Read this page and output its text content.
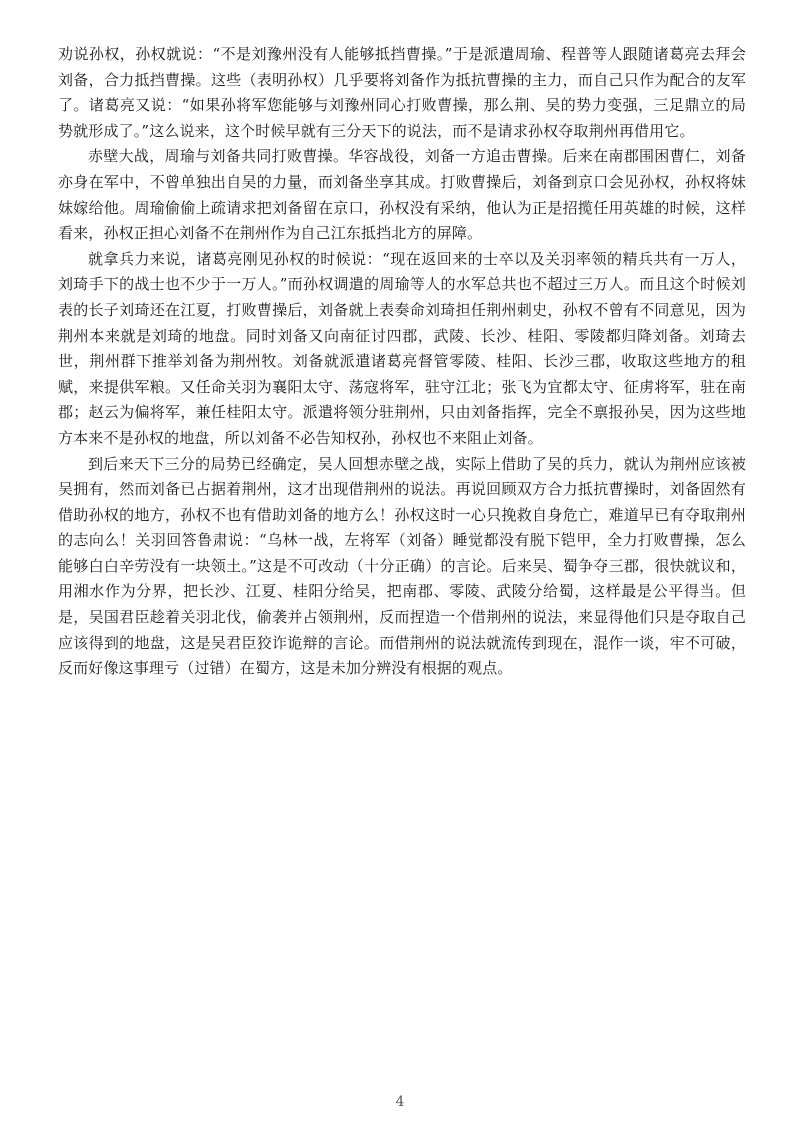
劝说孙权，孙权就说：“不是刘豫州没有人能够抵挡曹操。”于是派遣周瑜、程普等人跟随诸葛亮去拜会刘备，合力抵挡曹操。这些（表明孙权）几乎要将刘备作为抵抗曹操的主力，而自己只作为配合的友军了。诸葛亮又说：“如果孙将军您能够与刘豫州同心打败曹操，那么荆、吴的势力变强，三足鼎立的局势就形成了。”这么说来，这个时候早就有三分天下的说法，而不是请求孙权夺取荆州再借用它。

赤壁大战，周瑜与刘备共同打败曹操。华容战役，刘备一方追击曹操。后来在南郡围困曹仁，刘备亦身在军中，不曾单独出自吴的力量，而刘备坐享其成。打败曹操后，刘备到京口会见孙权，孙权将妹妹嫁给他。周瑜偷偷上疏请求把刘备留在京口，孙权没有采纳，他认为正是招揽任用英雄的时候，这样看来，孙权正担心刘备不在荆州作为自己江东抵挡北方的屏障。

就拿兵力来说，诸葛亮刚见孙权的时候说：“现在返回来的士卒以及关羽率领的精兵共有一万人，刘琦手下的战士也不少于一万人。”而孙权调遣的周瑜等人的水军总共也不超过三万人。而且这个时候刘表的长子刘琦还在江夏，打败曹操后，刘备就上表奏命刘琦担任荆州刺史，孙权不曾有不同意见，因为荆州本来就是刘琦的地盘。同时刘备又向南征讨四郡，武陵、长沙、桂阳、零陵都归降刘备。刘琦去世，荆州群下推举刘备为荆州牧。刘备就派遣诸葛亮督管零陵、桂阳、长沙三郡，收取这些地方的租赋，来提供军粮。又任命关羽为襄阳太守、荡寇将军，驻守江北；张飞为宜都太守、征虏将军，驻在南郡；赵云为偏将军，兼任桂阳太守。派遣将领分驻荆州，只由刘备指挥，完全不禀报孙吴，因为这些地方本来不是孙权的地盘，所以刘备不必告知权孙，孙权也不来阻止刘备。

到后来天下三分的局势已经确定，吴人回想赤壁之战，实际上借助了吴的兵力，就认为荆州应该被吴拥有，然而刘备已占据着荆州，这才出现借荆州的说法。再说回顾双方合力抵抗曹操时，刘备固然有借助孙权的地方，孙权不也有借助刘备的地方么！孙权这时一心只挽救自身危亡，难道早已有夺取荆州的志向么！关羽回答鲁肃说：“乌林一战，左将军（刘备）睡觉都没有脱下铠甲，全力打败曹操，怎么能够白白辛劳没有一块领土。”这是不可改动（十分正确）的言论。后来吴、蜀争夺三郡，很快就议和，用湘水作为分界，把长沙、江夏、桂阳分给吴，把南郡、零陵、武陵分给蜀，这样最是公平得当。但是，吴国君臣趁着关羽北伐，偷袭并占领荆州，反而捏造一个借荆州的说法，来显得他们只是夺取自己应该得到的地盘，这是吴君臣狡诈诡辩的言论。而借荆州的说法就流传到现在，混作一谈，牢不可破，反而好像这事理亏（过错）在蜀方，这是未加分辨没有根据的观点。

4
